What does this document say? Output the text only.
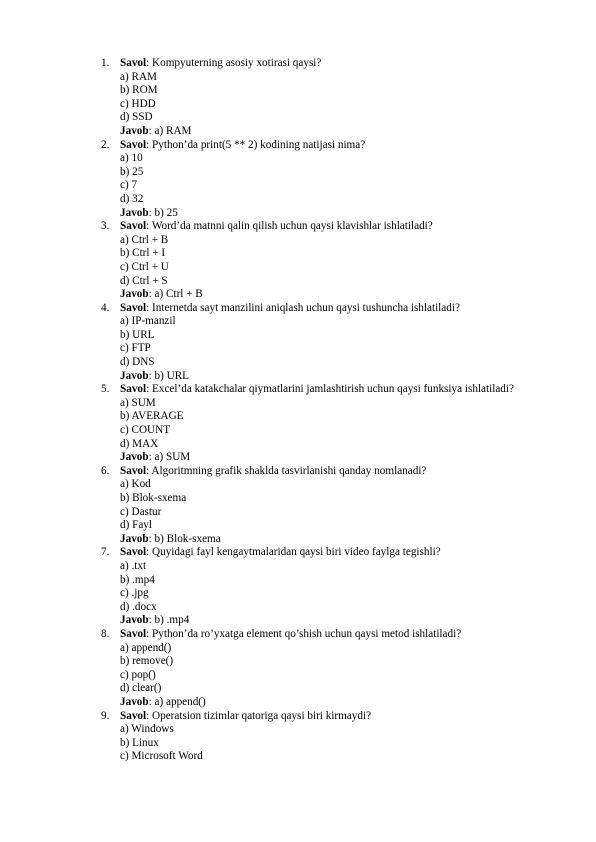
1. Savol: Kompyuterning asosiy xotirasi qaysi?
a) RAM
b) ROM
c) HDD
d) SSD
Javob: a) RAM
2. Savol: Python’da print(5 ** 2) kodining natijasi nima?
a) 10
b) 25
c) 7
d) 32
Javob: b) 25
3. Savol: Word’da matnni qalin qilish uchun qaysi klavishlar ishlatiladi?
a) Ctrl + B
b) Ctrl + I
c) Ctrl + U
d) Ctrl + S
Javob: a) Ctrl + B
4. Savol: Internetda sayt manzilini aniqlash uchun qaysi tushuncha ishlatiladi?
a) IP-manzil
b) URL
c) FTP
d) DNS
Javob: b) URL
5. Savol: Excel’da katakchalar qiymatlarini jamlashtirish uchun qaysi funksiya ishlatiladi?
a) SUM
b) AVERAGE
c) COUNT
d) MAX
Javob: a) SUM
6. Savol: Algoritmning grafik shaklda tasvirlanishi qanday nomlanadi?
a) Kod
b) Blok-sxema
c) Dastur
d) Fayl
Javob: b) Blok-sxema
7. Savol: Quyidagi fayl kengaytmalaridan qaysi biri video faylga tegishli?
a) .txt
b) .mp4
c) .jpg
d) .docx
Javob: b) .mp4
8. Savol: Python’da ro’yxatga element qo’shish uchun qaysi metod ishlatiladi?
a) append()
b) remove()
c) pop()
d) clear()
Javob: a) append()
9. Savol: Operatsion tizimlar qatoriga qaysi biri kirmaydi?
a) Windows
b) Linux
c) Microsoft Word
